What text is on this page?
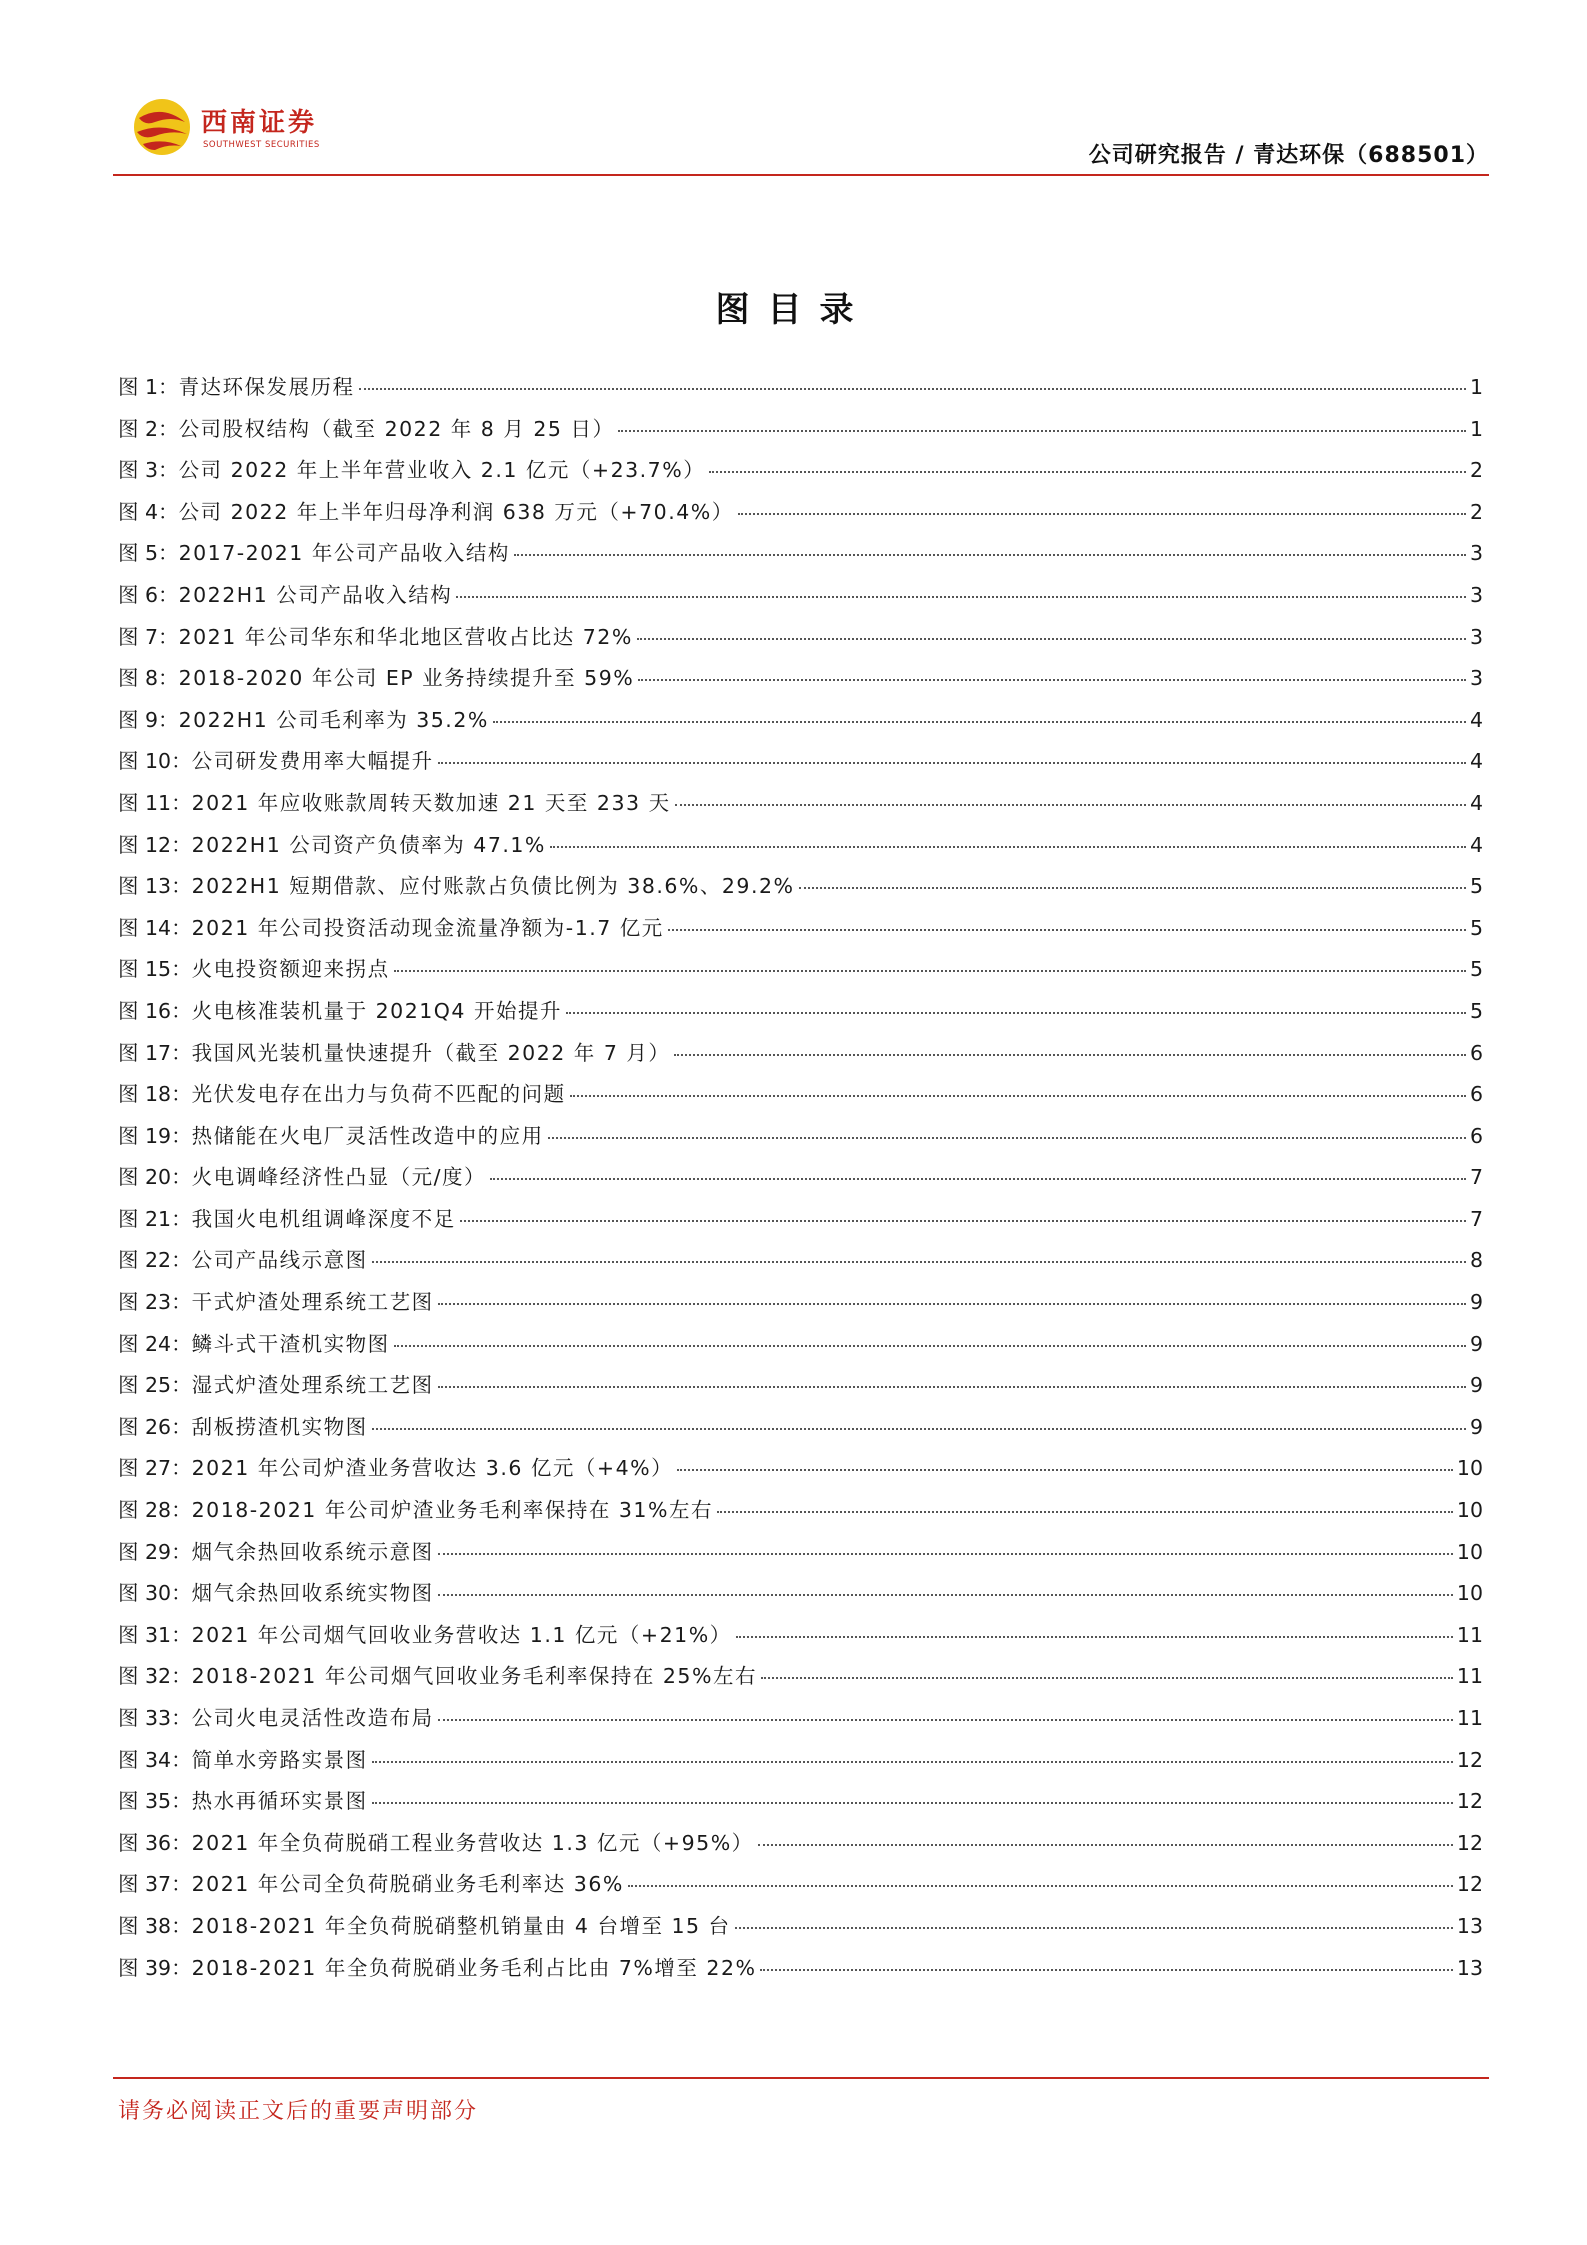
西南证券
SOUTHWEST SECURITIES	公司研究报告 / 青达环保（688501）
图目录
图 1： 青达环保发展历程	1
图 2： 公司股权结构（截至 2022 年 8 月 25 日）	1
图 3： 公司 2022 年上半年营业收入 2.1 亿元（+23.7%）	2
图 4： 公司 2022 年上半年归母净利润 638 万元（+70.4%）	2
图 5： 2017-2021 年公司产品收入结构	3
图 6： 2022H1 公司产品收入结构	3
图 7： 2021 年公司华东和华北地区营收占比达 72%	3
图 8： 2018-2020 年公司 EP 业务持续提升至 59%	3
图 9： 2022H1 公司毛利率为 35.2%	4
图 10： 公司研发费用率大幅提升	4
图 11： 2021 年应收账款周转天数加速 21 天至 233 天	4
图 12： 2022H1 公司资产负债率为 47.1%	4
图 13： 2022H1 短期借款、应付账款占负债比例为 38.6%、29.2%	5
图 14： 2021 年公司投资活动现金流量净额为-1.7 亿元	5
图 15： 火电投资额迎来拐点	5
图 16： 火电核准装机量于 2021Q4 开始提升	5
图 17： 我国风光装机量快速提升（截至 2022 年 7 月）	6
图 18： 光伏发电存在出力与负荷不匹配的问题	6
图 19： 热储能在火电厂灵活性改造中的应用	6
图 20： 火电调峰经济性凸显（元/度）	7
图 21： 我国火电机组调峰深度不足	7
图 22： 公司产品线示意图	8
图 23： 干式炉渣处理系统工艺图	9
图 24： 鳞斗式干渣机实物图	9
图 25： 湿式炉渣处理系统工艺图	9
图 26： 刮板捞渣机实物图	9
图 27： 2021 年公司炉渣业务营收达 3.6 亿元（+4%）	10
图 28： 2018-2021 年公司炉渣业务毛利率保持在 31%左右	10
图 29： 烟气余热回收系统示意图	10
图 30： 烟气余热回收系统实物图	10
图 31： 2021 年公司烟气回收业务营收达 1.1 亿元（+21%）	11
图 32： 2018-2021 年公司烟气回收业务毛利率保持在 25%左右	11
图 33： 公司火电灵活性改造布局	11
图 34： 简单水旁路实景图	12
图 35： 热水再循环实景图	12
图 36： 2021 年全负荷脱硝工程业务营收达 1.3 亿元（+95%）	12
图 37： 2021 年公司全负荷脱硝业务毛利率达 36%	12
图 38： 2018-2021 年全负荷脱硝整机销量由 4 台增至 15 台	13
图 39： 2018-2021 年全负荷脱硝业务毛利占比由 7%增至 22%	13
请务必阅读正文后的重要声明部分
